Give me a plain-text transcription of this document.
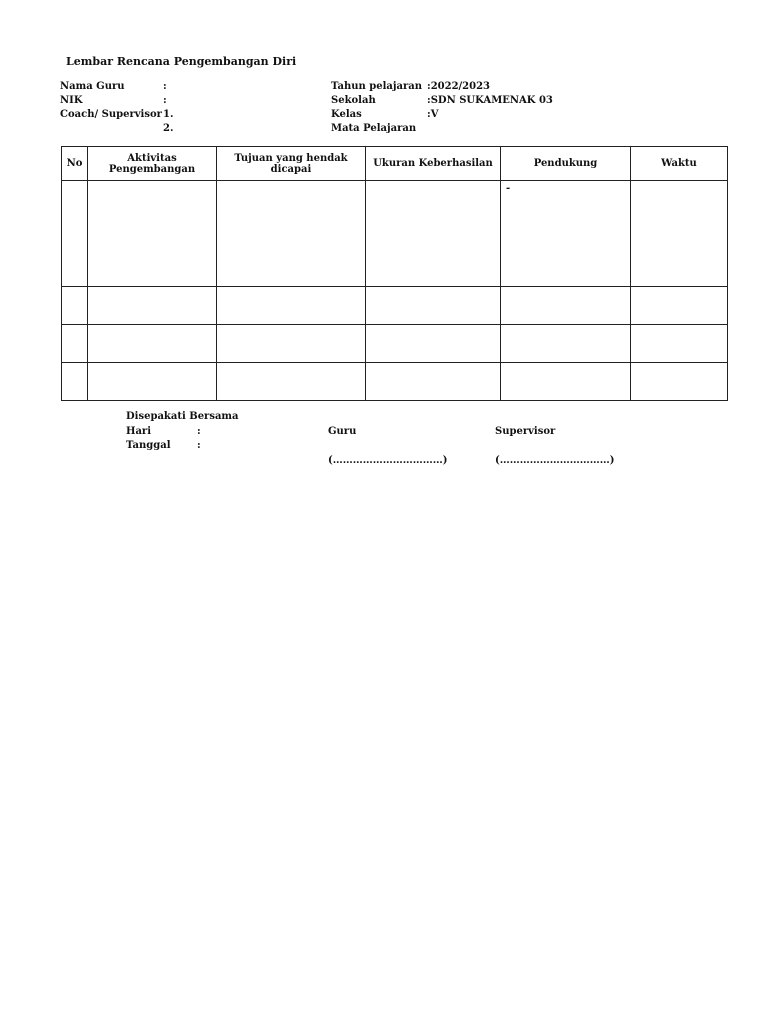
Lembar Rencana Pengembangan Diri
Nama Guru	:
NIK	:
Coach/ Supervisor 1.
2.
Tahun pelajaran :2022/2023
Sekolah	:SDN SUKAMENAK 03
Kelas	:V
Mata Pelajaran
No	Aktivitas Pengembangan	Tujuan yang hendak dicapai	Ukuran Keberhasilan	Pendukung	Waktu
				-	

Disepakati Bersama
Hari	:
Tanggal	:
Guru	Supervisor
(……………………………)	(……………………………)
